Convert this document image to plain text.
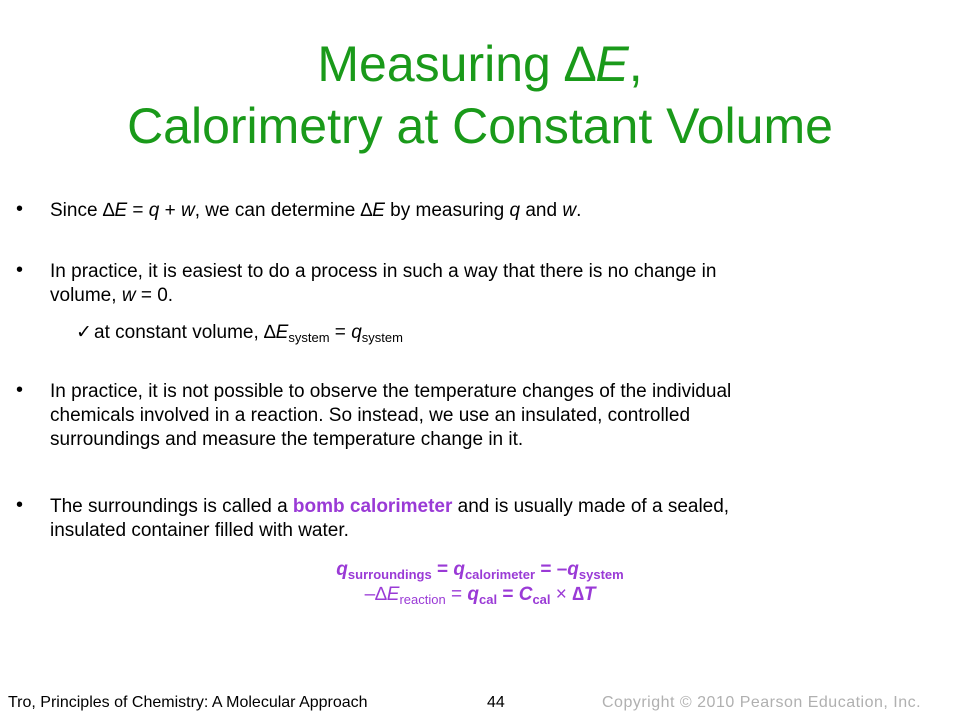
Measuring ∆E,
Calorimetry at Constant Volume
• Since ∆E = q + w, we can determine ∆E by measuring q and w.
• In practice, it is easiest to do a process in such a way that there is no change in
volume, w = 0.
✓ at constant volume, $\Delta E_{system} = q_{system}$
• In practice, it is not possible to observe the temperature changes of the individual
chemicals involved in a reaction. So instead, we use an insulated, controlled
surroundings and measure the temperature change in it.
• The surroundings is called a bomb calorimeter and is usually made of a sealed,
insulated container filled with water.
$q_{surroundings} = q_{calorimeter} = -q_{system}$
$-\Delta E_{reaction} = q_{cal} = C_{cal} \times \Delta T$
Tro, Principles of Chemistry: A Molecular Approach	44	Copyright © 2010 Pearson Education, Inc.
